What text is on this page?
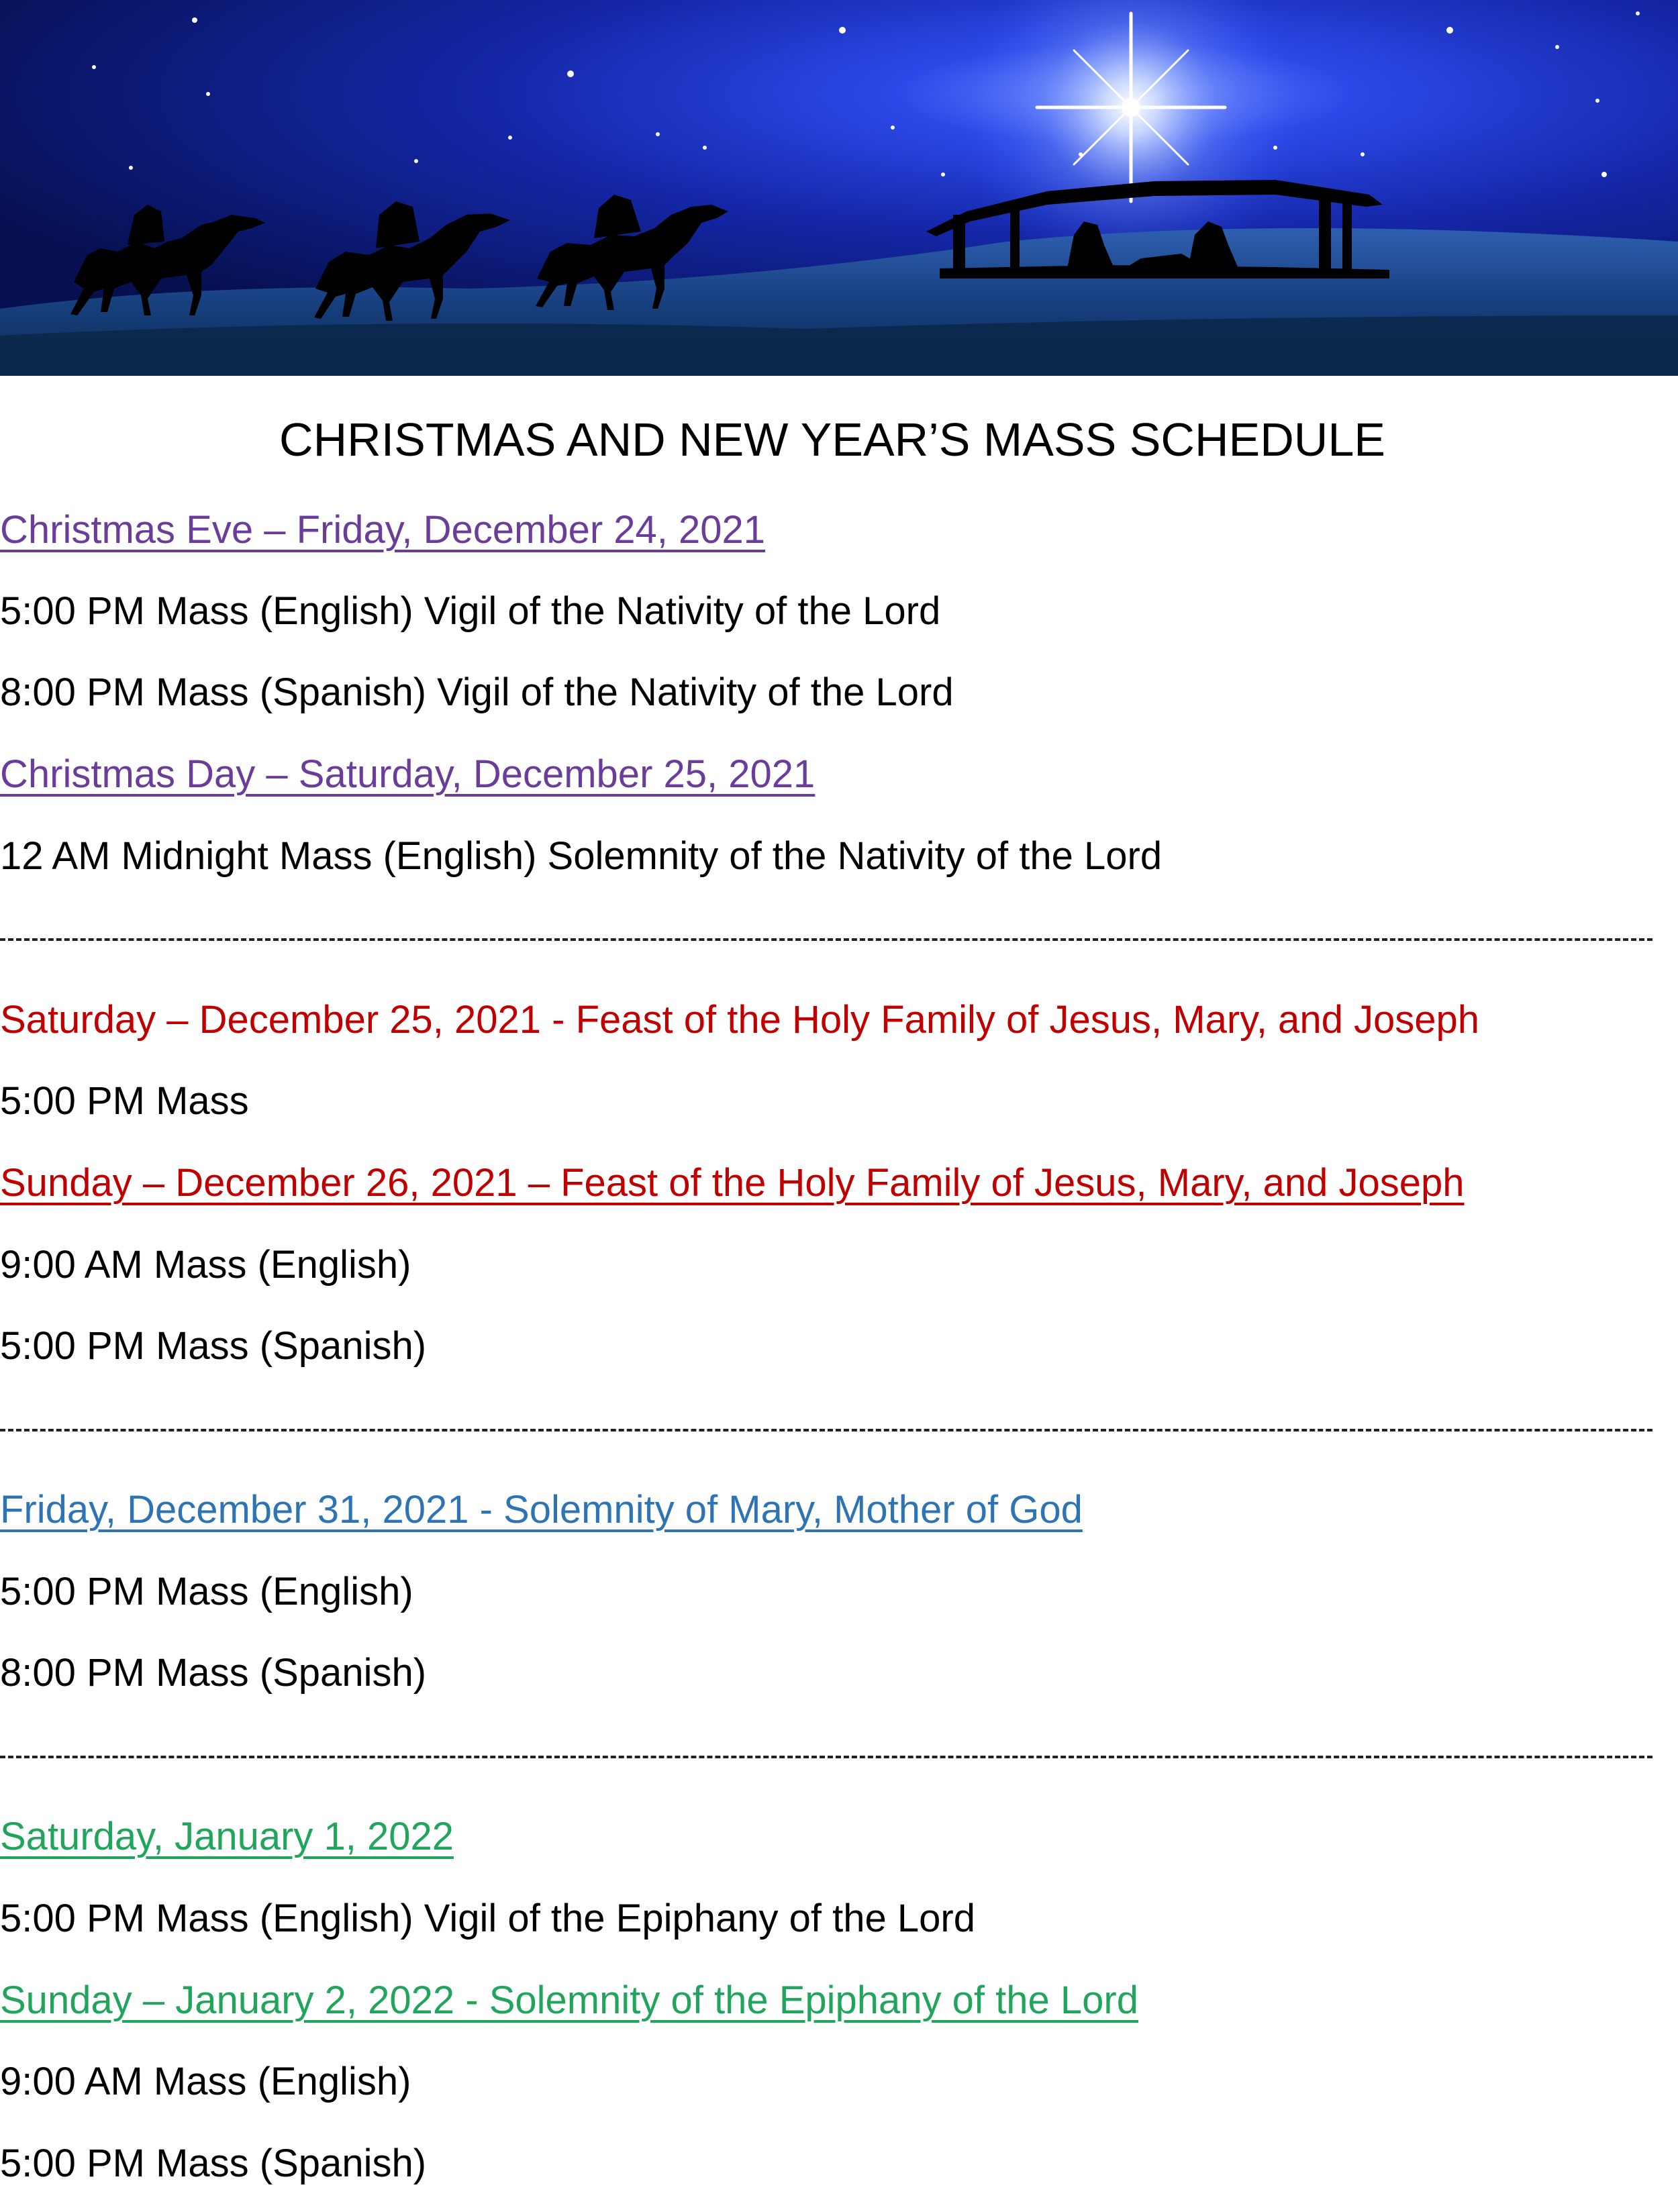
CHRISTMAS AND NEW YEAR’S MASS SCHEDULE
Christmas Eve – Friday, December 24, 2021
5:00 PM Mass (English) Vigil of the Nativity of the Lord
8:00 PM Mass (Spanish) Vigil of the Nativity of the Lord
Christmas Day – Saturday, December 25, 2021
12 AM Midnight Mass (English) Solemnity of the Nativity of the Lord
Saturday – December 25, 2021 - Feast of the Holy Family of Jesus, Mary, and Joseph
5:00 PM Mass
Sunday – December 26, 2021 – Feast of the Holy Family of Jesus, Mary, and Joseph
9:00 AM Mass (English)
5:00 PM Mass (Spanish)
Friday, December 31, 2021 - Solemnity of Mary, Mother of God
5:00 PM Mass (English)
8:00 PM Mass (Spanish)
Saturday, January 1, 2022
5:00 PM Mass (English) Vigil of the Epiphany of the Lord
Sunday – January 2, 2022 - Solemnity of the Epiphany of the Lord
9:00 AM Mass (English)
5:00 PM Mass (Spanish)
